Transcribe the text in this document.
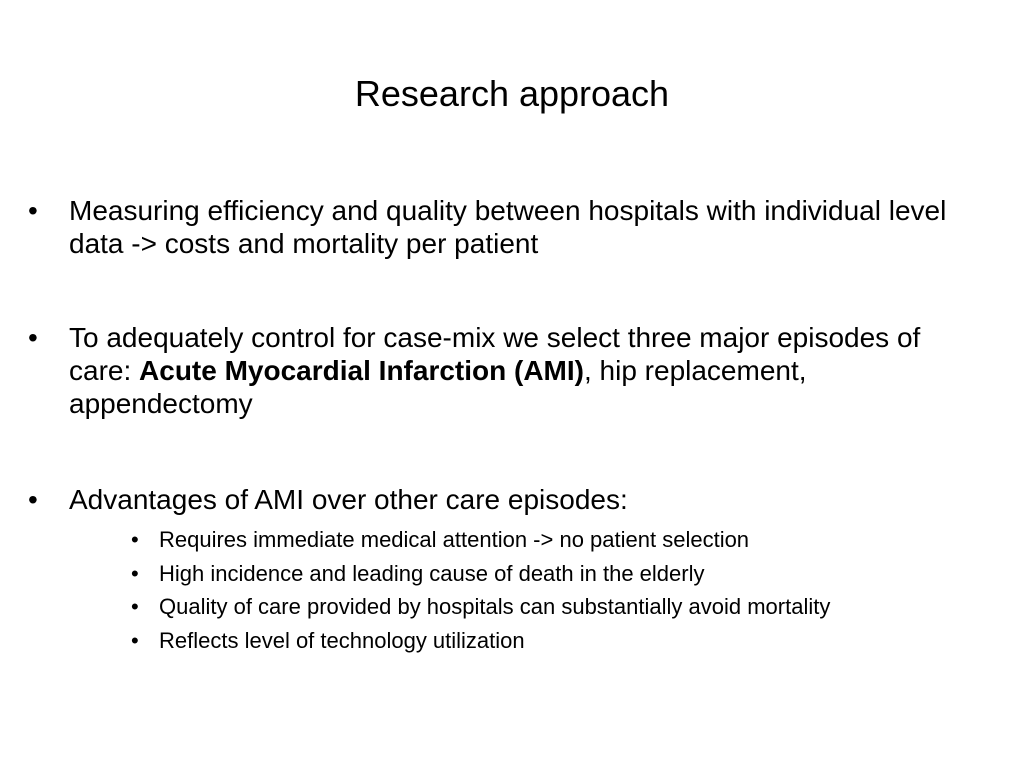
Research approach
•	Measuring efficiency and quality between hospitals with individual level data -> costs and mortality per patient
•	To adequately control for case-mix we select three major episodes of care: Acute Myocardial Infarction (AMI), hip replacement, appendectomy
•	Advantages of AMI over other care episodes:
• Requires immediate medical attention -> no patient selection
• High incidence and leading cause of death in the elderly
• Quality of care provided by hospitals can substantially avoid mortality
• Reflects level of technology utilization
